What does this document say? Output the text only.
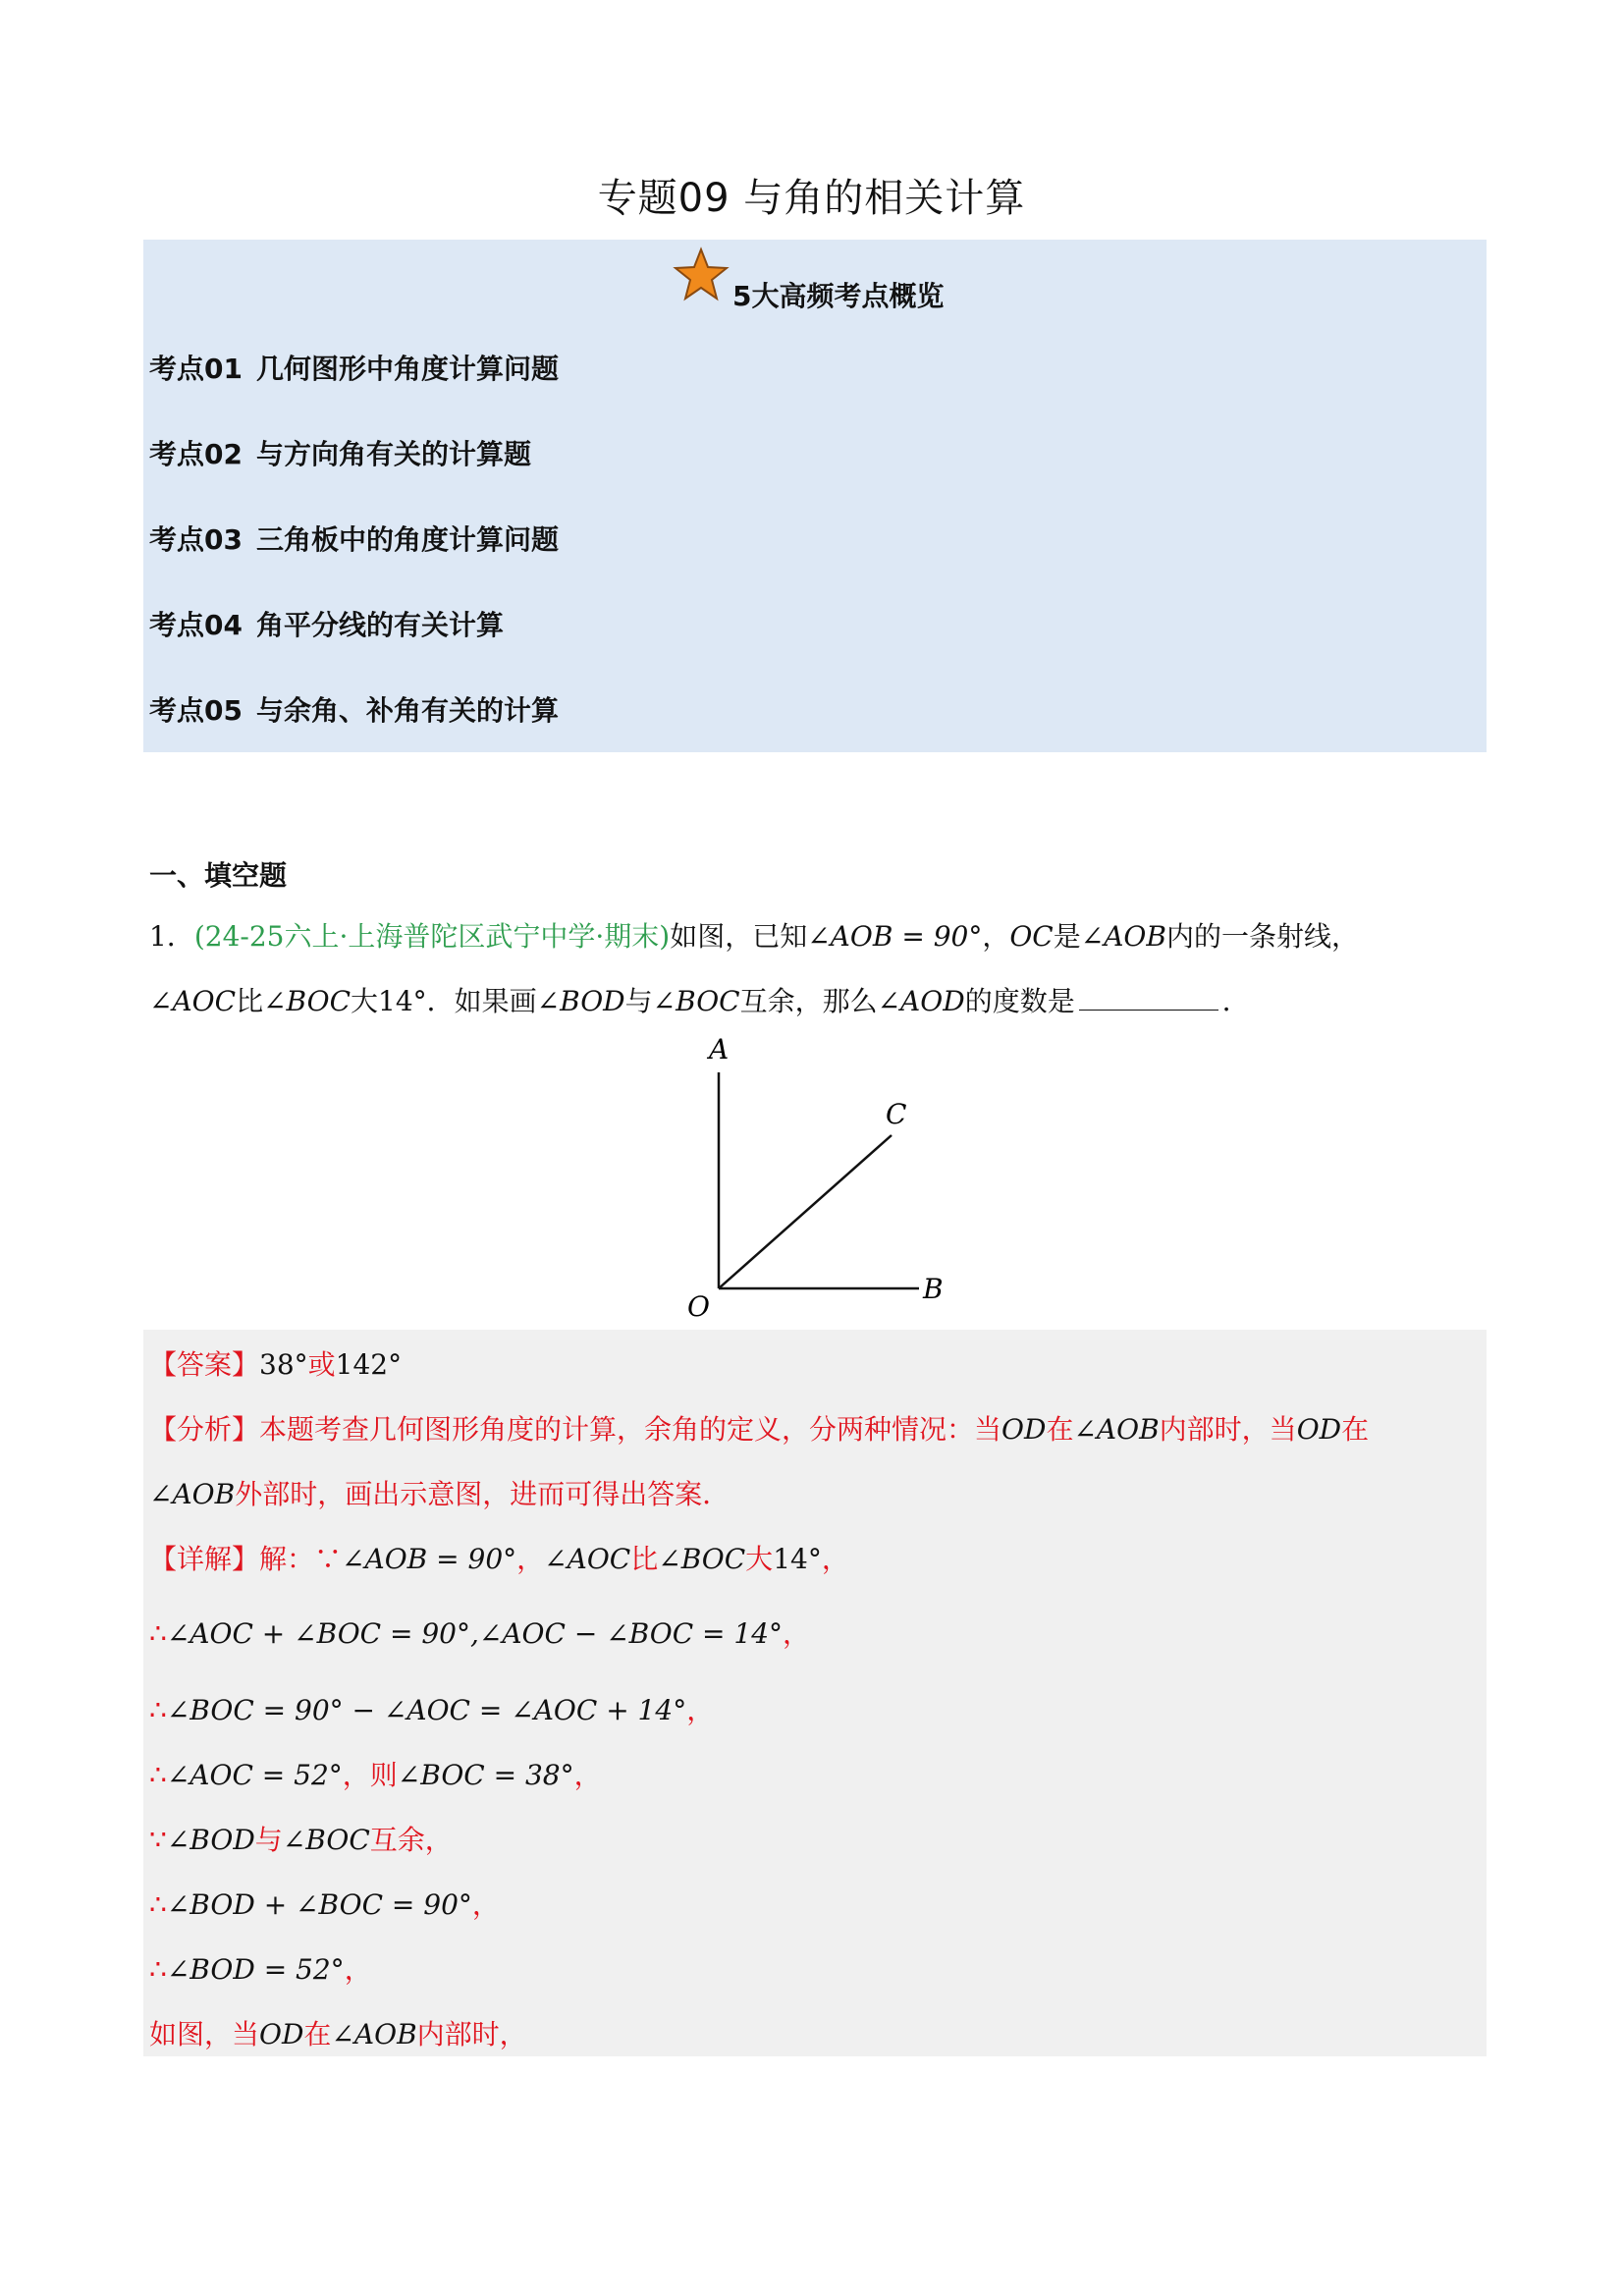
专题09 与角的相关计算
5大高频考点概览
考点01 几何图形中角度计算问题
考点02 与方向角有关的计算题
考点03 三角板中的角度计算问题
考点04 角平分线的有关计算
考点05 与余角、补角有关的计算
一、填空题
1．(24-25六上·上海普陀区武宁中学·期末)如图，已知∠AOB = 90°，OC是∠AOB内的一条射线，
∠AOC比∠BOC大14°．如果画∠BOD与∠BOC互余，那么∠AOD的度数是	．
A
C
O
B
【答案】38°或142°
【分析】本题考查几何图形角度的计算，余角的定义，分两种情况：当OD在∠AOB内部时，当OD在
∠AOB外部时，画出示意图，进而可得出答案．
【详解】解：∵∠AOB = 90°，∠AOC比∠BOC大14°，
∴∠AOC + ∠BOC = 90°,∠AOC − ∠BOC = 14°，
∴∠BOC = 90° − ∠AOC = ∠AOC + 14°，
∴∠AOC = 52°，则∠BOC = 38°，
∵∠BOD与∠BOC互余，
∴∠BOD + ∠BOC = 90°，
∴∠BOD = 52°，
如图，当OD在∠AOB内部时，
